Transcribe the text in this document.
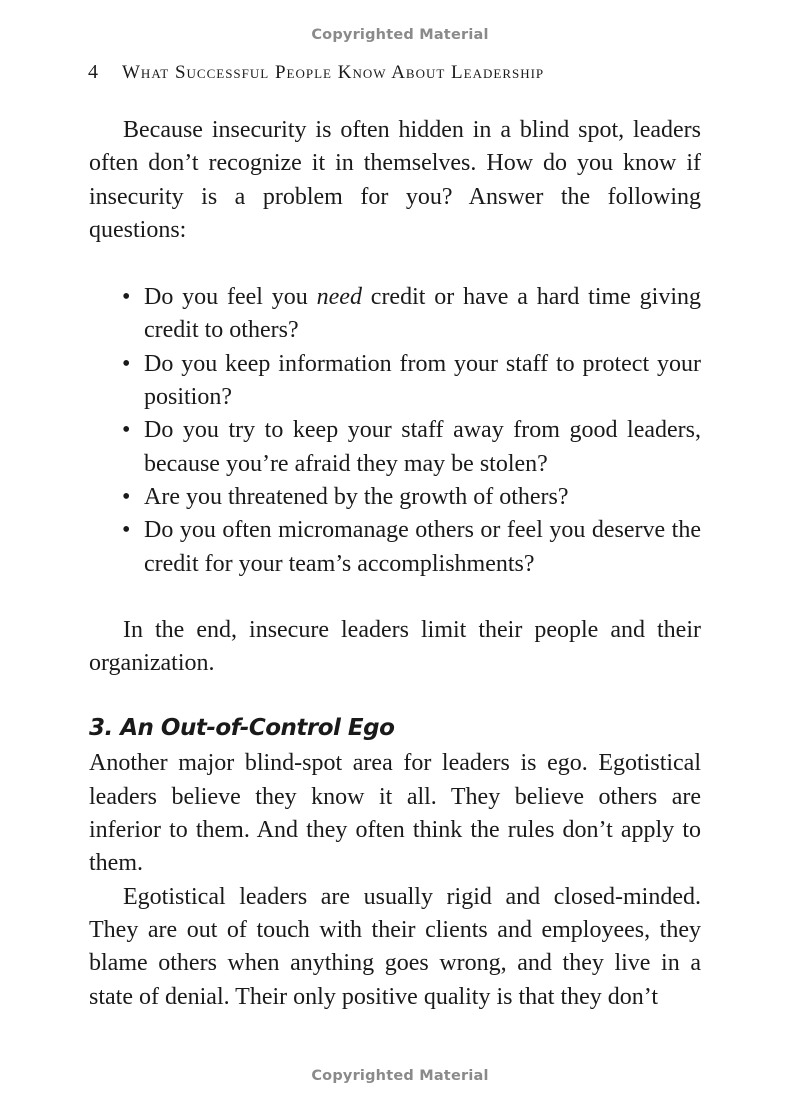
Copyrighted Material
4 What Successful People Know About Leadership

Because insecurity is often hidden in a blind spot, leaders often don’t recognize it in themselves. How do you know if insecurity is a problem for you? Answer the following questions:

• Do you feel you need credit or have a hard time giving credit to others?
• Do you keep information from your staff to protect your position?
• Do you try to keep your staff away from good leaders, because you’re afraid they may be stolen?
• Are you threatened by the growth of others?
• Do you often micromanage others or feel you deserve the credit for your team’s accomplishments?

In the end, insecure leaders limit their people and their organization.

3. An Out-of-Control Ego

Another major blind-spot area for leaders is ego. Egotistical leaders believe they know it all. They believe others are inferior to them. And they often think the rules don’t apply to them.

Egotistical leaders are usually rigid and closed-minded. They are out of touch with their clients and employees, they blame others when anything goes wrong, and they live in a state of denial. Their only positive quality is that they don’t

Copyrighted Material
